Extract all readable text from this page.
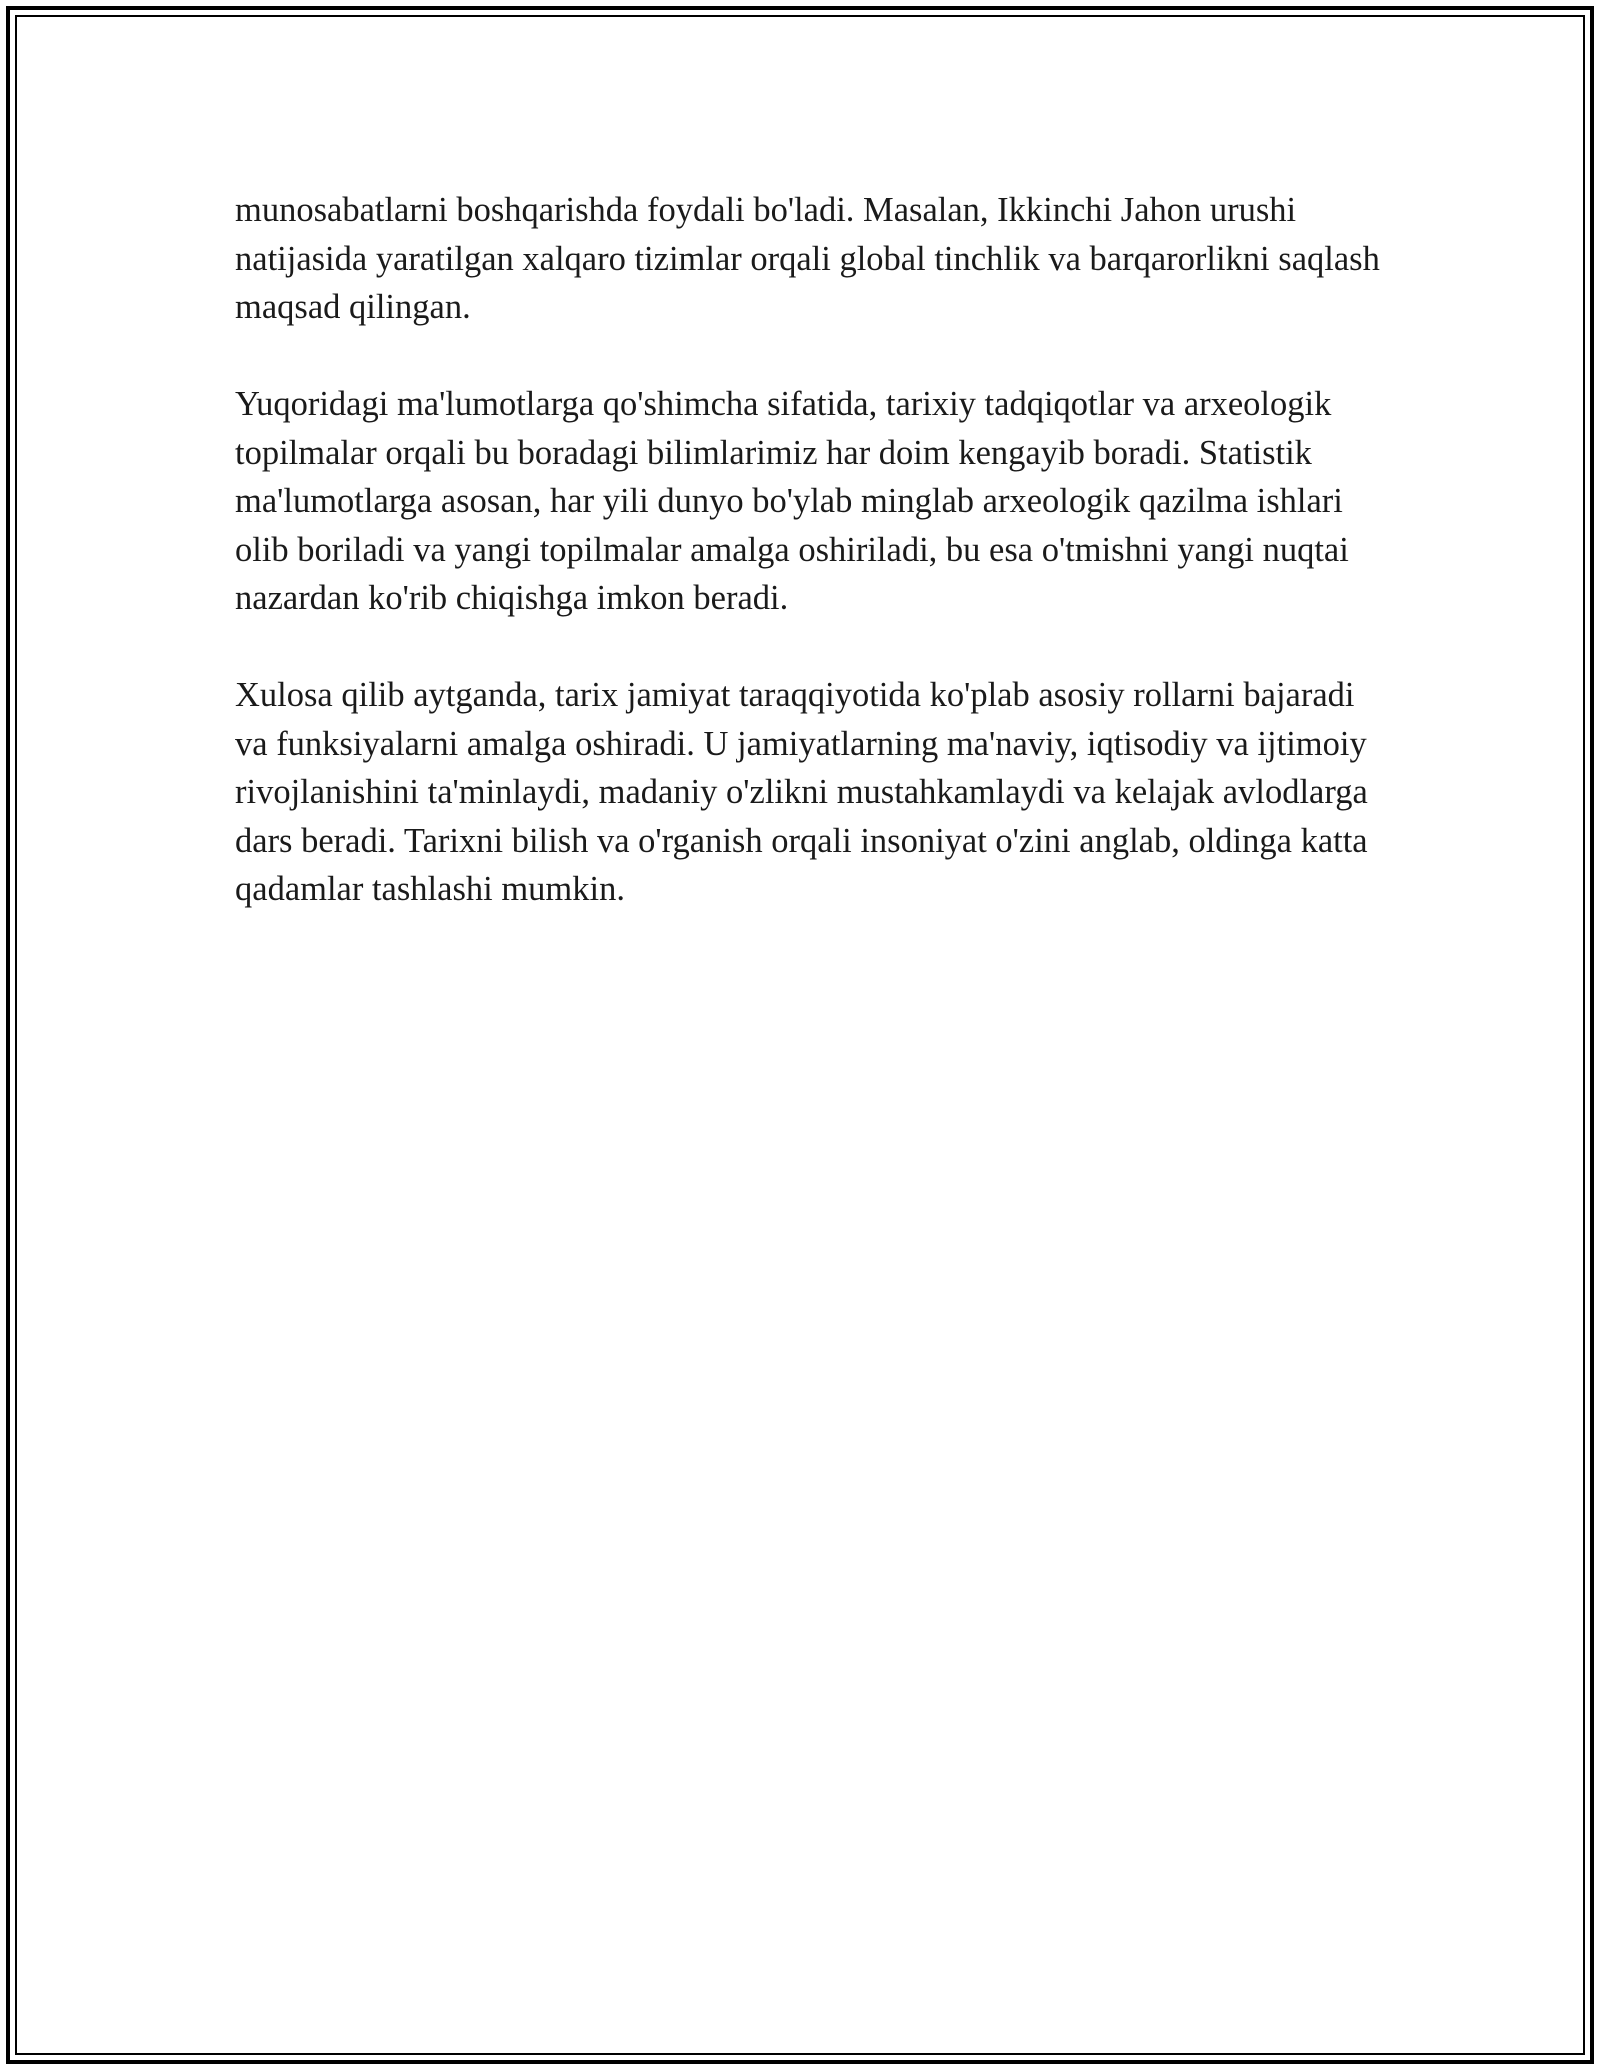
munosabatlarni boshqarishda foydali bo'ladi. Masalan, Ikkinchi Jahon urushi natijasida yaratilgan xalqaro tizimlar orqali global tinchlik va barqarorlikni saqlash maqsad qilingan.

Yuqoridagi ma'lumotlarga qo'shimcha sifatida, tarixiy tadqiqotlar va arxeologik topilmalar orqali bu boradagi bilimlarimiz har doim kengayib boradi. Statistik ma'lumotlarga asosan, har yili dunyo bo'ylab minglab arxeologik qazilma ishlari olib boriladi va yangi topilmalar amalga oshiriladi, bu esa o'tmishni yangi nuqtai nazardan ko'rib chiqishga imkon beradi.

Xulosa qilib aytganda, tarix jamiyat taraqqiyotida ko'plab asosiy rollarni bajaradi va funksiyalarni amalga oshiradi. U jamiyatlarning ma'naviy, iqtisodiy va ijtimoiy rivojlanishini ta'minlaydi, madaniy o'zlikni mustahkamlaydi va kelajak avlodlarga dars beradi. Tarixni bilish va o'rganish orqali insoniyat o'zini anglab, oldinga katta qadamlar tashlashi mumkin.
